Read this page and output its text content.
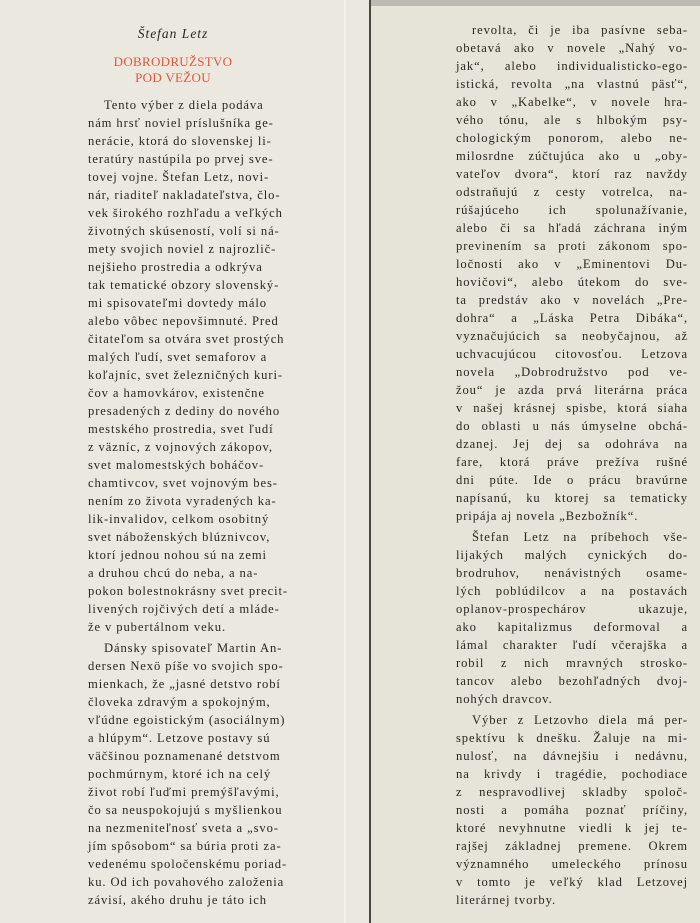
Štefan Letz
DOBRODRUŽSTVO
POD VEŽOU
Tento výber z diela podáva
nám hrsť noviel príslušníka ge-
nerácie, ktorá do slovenskej li-
teratúry nastúpila po prvej sve-
tovej vojne. Štefan Letz, novi-
nár, riaditeľ nakladateľstva, člo-
vek širokého rozhľadu a veľkých
životných skúseností, volí si ná-
mety svojich noviel z najrozlič-
nejšieho prostredia a odkrýva
tak tematické obzory slovenský-
mi spisovateľmi dovtedy málo
alebo vôbec nepovšimnuté. Pred
čitateľom sa otvára svet prostých
malých ľudí, svet semaforov a
koľajníc, svet železničných kuri-
čov a hamovkárov, existenčne
presadených z dediny do nového
mestského prostredia, svet ľudí
z väzníc, z vojnových zákopov,
svet malomestských boháčov-
chamtivcov, svet vojnovým bes-
nením zo života vyradených ka-
lik-invalidov, celkom osobitný
svet náboženských blúznivcov,
ktorí jednou nohou sú na zemi
a druhou chcú do neba, a na-
pokon bolestnokrásny svet precit-
livených rojčivých detí a mláde-
že v pubertálnom veku.
Dánsky spisovateľ Martin An-
dersen Nexö píše vo svojich spo-
mienkach, že „jasné detstvo robí
človeka zdravým a spokojným,
vľúdne egoistickým (asociálnym)
a hlúpym“. Letzove postavy sú
väčšinou poznamenané detstvom
pochmúrnym, ktoré ich na celý
život robí ľuďmi premýšľavými,
čo sa neuspokojujú s myšlienkou
na nezmeniteľnosť sveta a „svo-
jím spôsobom“ sa búria proti za-
vedenému spoločenskému poriad-
ku. Od ich povahového založenia
závisí, akého druhu je táto ich
revolta, či je iba pasívne seba-
obetavá ako v novele „Nahý vo-
jak“, alebo individualisticko-ego-
istická, revolta „na vlastnú päsť“,
ako v „Kabelke“, v novele hra-
vého tónu, ale s hlbokým psy-
chologickým ponorom, alebo ne-
milosrdne zúčtujúca ako u „oby-
vateľov dvora“, ktorí raz navždy
odstraňujú z cesty votrelca, na-
rúšajúceho ich spolunažívanie,
alebo či sa hľadá záchrana iným
previnením sa proti zákonom spo-
ločnosti ako v „Eminentovi Du-
hovičovi“, alebo útekom do sve-
ta predstáv ako v novelách „Pre-
dohra“ a „Láska Petra Dibáka“,
vyznačujúcich sa neobyčajnou, až
uchvacujúcou citovosťou. Letzova
novela „Dobrodružstvo pod ve-
žou“ je azda prvá literárna práca
v našej krásnej spisbe, ktorá siaha
do oblasti u nás úmyselne obchá-
dzanej. Jej dej sa odohráva na
fare, ktorá práve prežíva rušné
dni púte. Ide o prácu bravúrne
napísanú, ku ktorej sa tematicky
pripája aj novela „Bezbožník“.
Štefan Letz na príbehoch vše-
lijakých malých cynických do-
brodruhov, nenávistných osame-
lých poblúdilcov a na postavách
oplanov-prospechárov ukazuje,
ako kapitalizmus deformoval a
lámal charakter ľudí včerajška a
robil z nich mravných strosko-
tancov alebo bezohľadných dvoj-
nohých dravcov.
Výber z Letzovho diela má per-
spektívu k dnešku. Žaluje na mi-
nulosť, na dávnejšiu i nedávnu,
na krivdy i tragédie, pochodiace
z nespravodlivej skladby spoloč-
nosti a pomáha poznať príčiny,
ktoré nevyhnutne viedli k jej te-
rajšej základnej premene. Okrem
významného umeleckého prínosu
v tomto je veľký klad Letzovej
literárnej tvorby.
